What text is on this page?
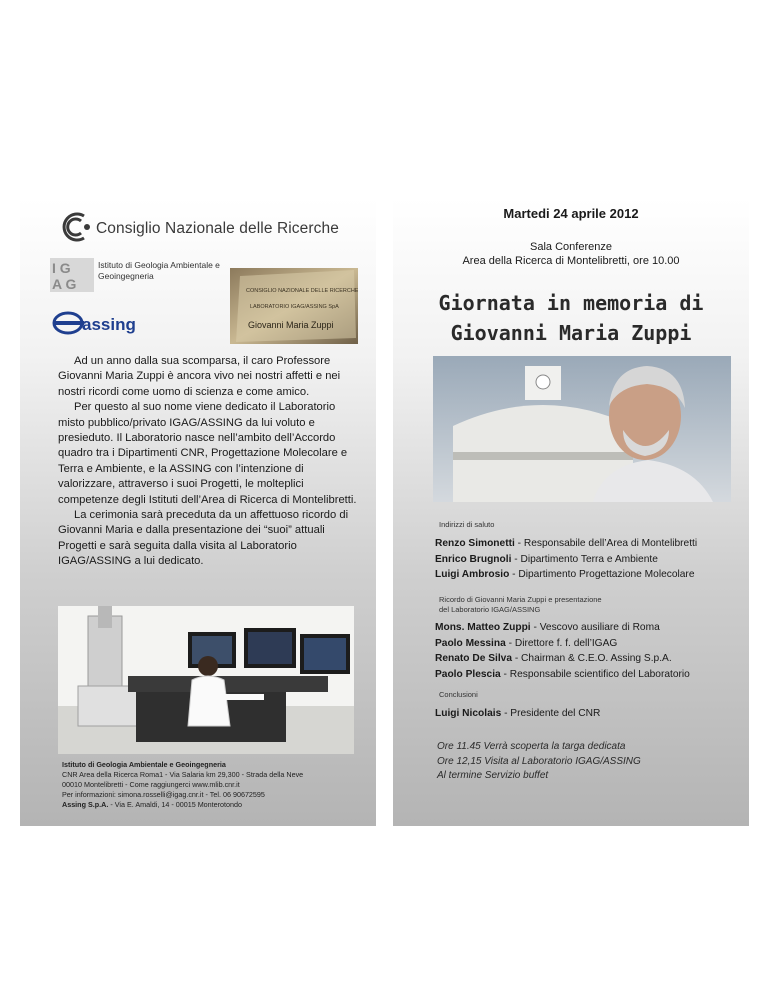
Consiglio Nazionale delle Ricerche
I G
A G
Istituto di Geologia Ambientale e Geoingegneria
assing
CONSIGLIO NAZIONALE DELLE RICERCHE
LABORATORIO IGAG/ASSING SpA
Giovanni Maria Zuppi

Ad un anno dalla sua scomparsa, il caro Professore Giovanni Maria Zuppi è ancora vivo nei nostri affetti e nei nostri ricordi come uomo di scienza e come amico.

Per questo al suo nome viene dedicato il Laboratorio misto pubblico/privato IGAG/ASSING da lui voluto e presieduto. Il Laboratorio nasce nell’ambito dell’Accordo quadro tra i Dipartimenti CNR, Progettazione Molecolare e Terra e Ambiente, e la ASSING con l’intenzione di valorizzare, attraverso i suoi Progetti, le molteplici competenze degli Istituti dell’Area di Ricerca di Montelibretti.

La cerimonia sarà preceduta da un affettuoso ricordo di Giovanni Maria e dalla presentazione dei “suoi” attuali Progetti e sarà seguita dalla visita al Laboratorio IGAG/ASSING a lui dedicato.

Istituto di Geologia Ambientale e Geoingegneria
CNR Area della Ricerca Roma1 - Via Salaria km 29,300 - Strada della Neve
00010 Montelibretti - Come raggiungerci www.mlib.cnr.it
Per informazioni: simona.rosselli@igag.cnr.it - Tel. 06 90672595
Assing S.p.A. - Via E. Amaldi, 14 - 00015 Monterotondo
Martedi 24 aprile 2012
Sala Conferenze
Area della Ricerca di Montelibretti, ore 10.00
Giornata in memoria di
Giovanni Maria Zuppi
Indirizzi di saluto
Renzo Simonetti - Responsabile dell’Area di Montelibretti
Enrico Brugnoli - Dipartimento Terra e Ambiente
Luigi Ambrosio - Dipartimento Progettazione Molecolare
Ricordo di Giovanni Maria Zuppi e presentazione
del Laboratorio IGAG/ASSING
Mons. Matteo Zuppi - Vescovo ausiliare di Roma
Paolo Messina - Direttore f. f. dell’IGAG
Renato De Silva - Chairman & C.E.O. Assing S.p.A.
Paolo Plescia - Responsabile scientifico del Laboratorio
Conclusioni
Luigi Nicolais - Presidente del CNR
Ore 11.45 Verrà scoperta la targa dedicata
Ore 12,15 Visita al Laboratorio IGAG/ASSING
Al termine Servizio buffet
